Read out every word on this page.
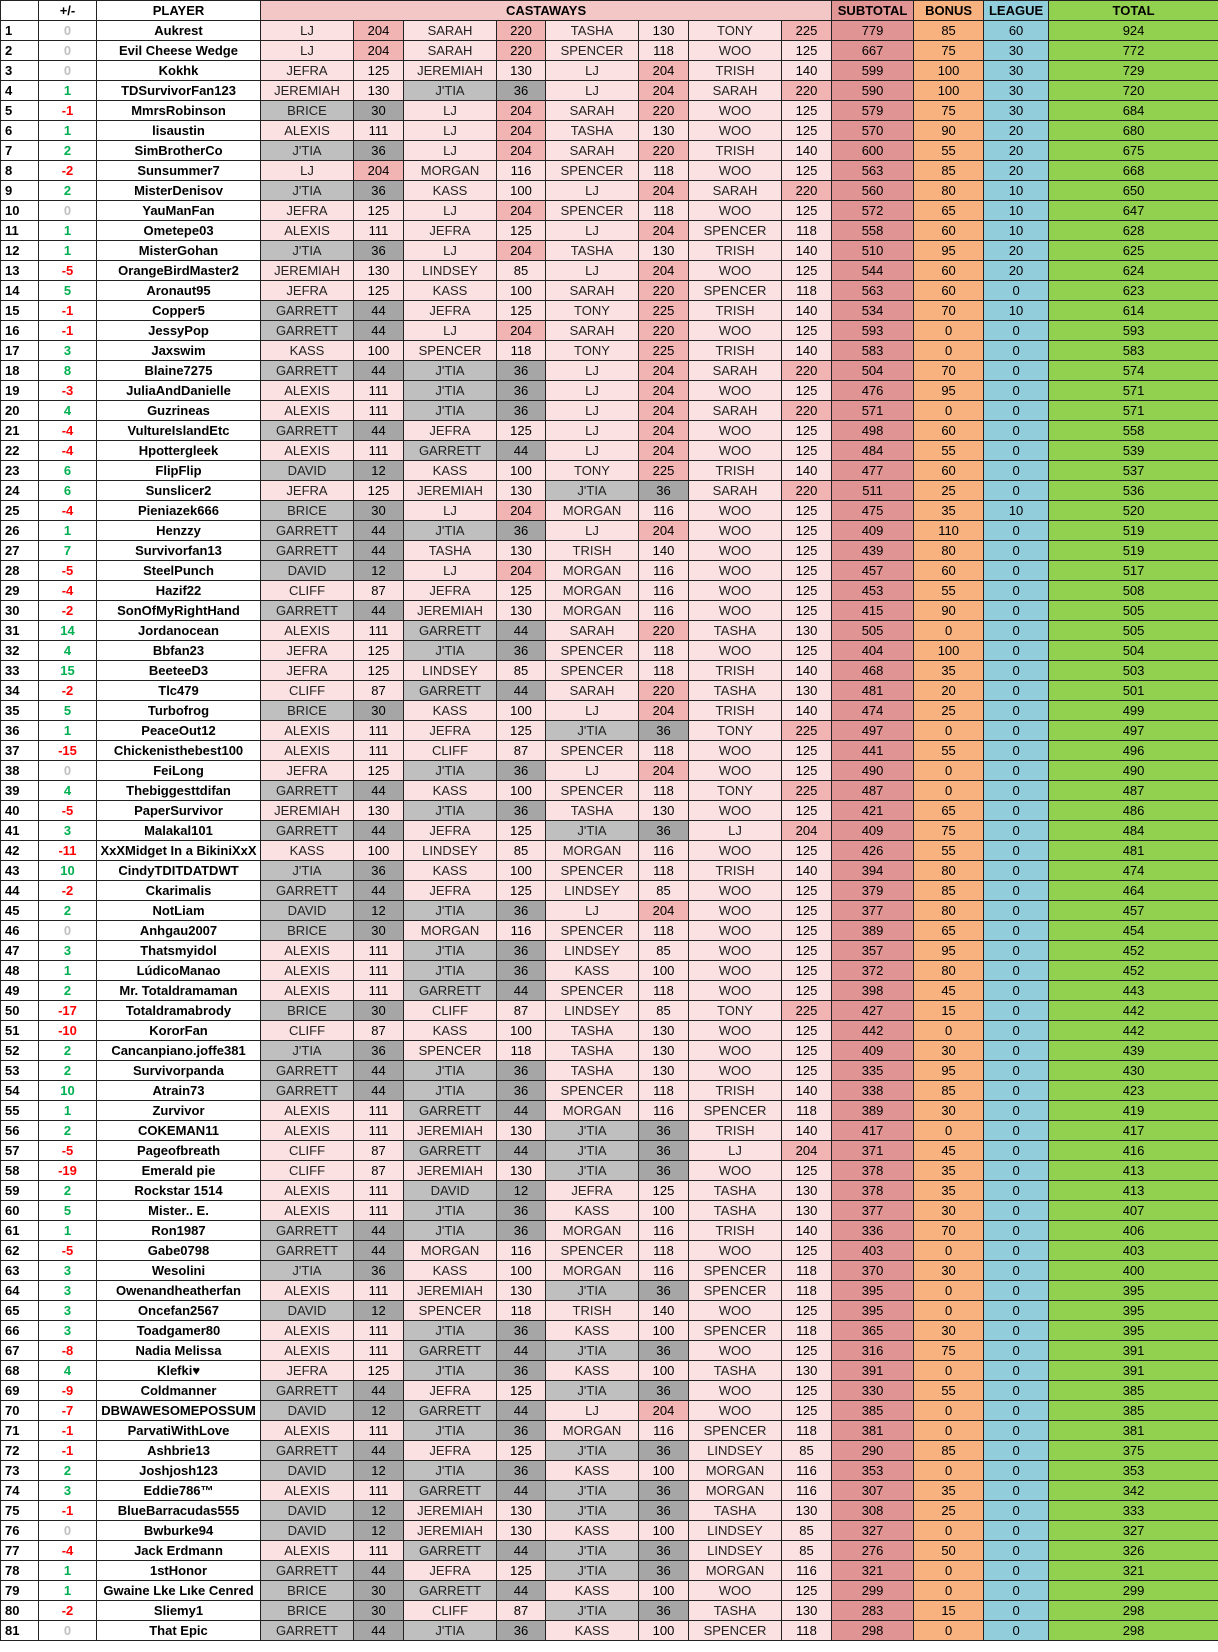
	+/-	PLAYER	CASTAWAYS								SUBTOTAL	BONUS	LEAGUE	TOTAL
1	0	Aukrest	LJ	204	SARAH	220	TASHA	130	TONY	225	779	85	60	924
2	0	Evil Cheese Wedge	LJ	204	SARAH	220	SPENCER	118	WOO	125	667	75	30	772
3	0	Kokhk	JEFRA	125	JEREMIAH	130	LJ	204	TRISH	140	599	100	30	729
4	1	TDSurvivorFan123	JEREMIAH	130	J'TIA	36	LJ	204	SARAH	220	590	100	30	720
5	-1	MmrsRobinson	BRICE	30	LJ	204	SARAH	220	WOO	125	579	75	30	684
6	1	lisaustin	ALEXIS	111	LJ	204	TASHA	130	WOO	125	570	90	20	680
7	2	SimBrotherCo	J'TIA	36	LJ	204	SARAH	220	TRISH	140	600	55	20	675
8	-2	Sunsummer7	LJ	204	MORGAN	116	SPENCER	118	WOO	125	563	85	20	668
9	2	MisterDenisov	J'TIA	36	KASS	100	LJ	204	SARAH	220	560	80	10	650
10	0	YauManFan	JEFRA	125	LJ	204	SPENCER	118	WOO	125	572	65	10	647
11	1	Ometepe03	ALEXIS	111	JEFRA	125	LJ	204	SPENCER	118	558	60	10	628
12	1	MisterGohan	J'TIA	36	LJ	204	TASHA	130	TRISH	140	510	95	20	625
13	-5	OrangeBirdMaster2	JEREMIAH	130	LINDSEY	85	LJ	204	WOO	125	544	60	20	624
14	5	Aronaut95	JEFRA	125	KASS	100	SARAH	220	SPENCER	118	563	60	0	623
15	-1	Copper5	GARRETT	44	JEFRA	125	TONY	225	TRISH	140	534	70	10	614
16	-1	JessyPop	GARRETT	44	LJ	204	SARAH	220	WOO	125	593	0	0	593
17	3	Jaxswim	KASS	100	SPENCER	118	TONY	225	TRISH	140	583	0	0	583
18	8	Blaine7275	GARRETT	44	J'TIA	36	LJ	204	SARAH	220	504	70	0	574
19	-3	JuliaAndDanielle	ALEXIS	111	J'TIA	36	LJ	204	WOO	125	476	95	0	571
20	4	Guzrineas	ALEXIS	111	J'TIA	36	LJ	204	SARAH	220	571	0	0	571
21	-4	VultureIslandEtc	GARRETT	44	JEFRA	125	LJ	204	WOO	125	498	60	0	558
22	-4	Hpottergleek	ALEXIS	111	GARRETT	44	LJ	204	WOO	125	484	55	0	539
23	6	FlipFlip	DAVID	12	KASS	100	TONY	225	TRISH	140	477	60	0	537
24	6	Sunslicer2	JEFRA	125	JEREMIAH	130	J'TIA	36	SARAH	220	511	25	0	536
25	-4	Pieniazek666	BRICE	30	LJ	204	MORGAN	116	WOO	125	475	35	10	520
26	1	Henzzy	GARRETT	44	J'TIA	36	LJ	204	WOO	125	409	110	0	519
27	7	Survivorfan13	GARRETT	44	TASHA	130	TRISH	140	WOO	125	439	80	0	519
28	-5	SteelPunch	DAVID	12	LJ	204	MORGAN	116	WOO	125	457	60	0	517
29	-4	Hazif22	CLIFF	87	JEFRA	125	MORGAN	116	WOO	125	453	55	0	508
30	-2	SonOfMyRightHand	GARRETT	44	JEREMIAH	130	MORGAN	116	WOO	125	415	90	0	505
31	14	Jordanocean	ALEXIS	111	GARRETT	44	SARAH	220	TASHA	130	505	0	0	505
32	4	Bbfan23	JEFRA	125	J'TIA	36	SPENCER	118	WOO	125	404	100	0	504
33	15	BeeteeD3	JEFRA	125	LINDSEY	85	SPENCER	118	TRISH	140	468	35	0	503
34	-2	Tlc479	CLIFF	87	GARRETT	44	SARAH	220	TASHA	130	481	20	0	501
35	5	Turbofrog	BRICE	30	KASS	100	LJ	204	TRISH	140	474	25	0	499
36	1	PeaceOut12	ALEXIS	111	JEFRA	125	J'TIA	36	TONY	225	497	0	0	497
37	-15	Chickenisthebest100	ALEXIS	111	CLIFF	87	SPENCER	118	WOO	125	441	55	0	496
38	0	FeiLong	JEFRA	125	J'TIA	36	LJ	204	WOO	125	490	0	0	490
39	4	Thebiggesttdifan	GARRETT	44	KASS	100	SPENCER	118	TONY	225	487	0	0	487
40	-5	PaperSurvivor	JEREMIAH	130	J'TIA	36	TASHA	130	WOO	125	421	65	0	486
41	3	Malakal101	GARRETT	44	JEFRA	125	J'TIA	36	LJ	204	409	75	0	484
42	-11	XxXMidget In a BikiniXxX	KASS	100	LINDSEY	85	MORGAN	116	WOO	125	426	55	0	481
43	10	CindyTDITDATDWT	J'TIA	36	KASS	100	SPENCER	118	TRISH	140	394	80	0	474
44	-2	Ckarimalis	GARRETT	44	JEFRA	125	LINDSEY	85	WOO	125	379	85	0	464
45	2	NotLiam	DAVID	12	J'TIA	36	LJ	204	WOO	125	377	80	0	457
46	0	Anhgau2007	BRICE	30	MORGAN	116	SPENCER	118	WOO	125	389	65	0	454
47	3	Thatsmyidol	ALEXIS	111	J'TIA	36	LINDSEY	85	WOO	125	357	95	0	452
48	1	LúdicoManao	ALEXIS	111	J'TIA	36	KASS	100	WOO	125	372	80	0	452
49	2	Mr. Totaldramaman	ALEXIS	111	GARRETT	44	SPENCER	118	WOO	125	398	45	0	443
50	-17	Totaldramabrody	BRICE	30	CLIFF	87	LINDSEY	85	TONY	225	427	15	0	442
51	-10	KororFan	CLIFF	87	KASS	100	TASHA	130	WOO	125	442	0	0	442
52	2	Cancanpiano.joffe381	J'TIA	36	SPENCER	118	TASHA	130	WOO	125	409	30	0	439
53	2	Survivorpanda	GARRETT	44	J'TIA	36	TASHA	130	WOO	125	335	95	0	430
54	10	Atrain73	GARRETT	44	J'TIA	36	SPENCER	118	TRISH	140	338	85	0	423
55	1	Zurvivor	ALEXIS	111	GARRETT	44	MORGAN	116	SPENCER	118	389	30	0	419
56	2	COKEMAN11	ALEXIS	111	JEREMIAH	130	J'TIA	36	TRISH	140	417	0	0	417
57	-5	Pageofbreath	CLIFF	87	GARRETT	44	J'TIA	36	LJ	204	371	45	0	416
58	-19	Emerald pie	CLIFF	87	JEREMIAH	130	J'TIA	36	WOO	125	378	35	0	413
59	2	Rockstar 1514	ALEXIS	111	DAVID	12	JEFRA	125	TASHA	130	378	35	0	413
60	5	Mister.. E.	ALEXIS	111	J'TIA	36	KASS	100	TASHA	130	377	30	0	407
61	1	Ron1987	GARRETT	44	J'TIA	36	MORGAN	116	TRISH	140	336	70	0	406
62	-5	Gabe0798	GARRETT	44	MORGAN	116	SPENCER	118	WOO	125	403	0	0	403
63	3	Wesolini	J'TIA	36	KASS	100	MORGAN	116	SPENCER	118	370	30	0	400
64	3	Owenandheatherfan	ALEXIS	111	JEREMIAH	130	J'TIA	36	SPENCER	118	395	0	0	395
65	3	Oncefan2567	DAVID	12	SPENCER	118	TRISH	140	WOO	125	395	0	0	395
66	3	Toadgamer80	ALEXIS	111	J'TIA	36	KASS	100	SPENCER	118	365	30	0	395
67	-8	Nadia Melissa	ALEXIS	111	GARRETT	44	J'TIA	36	WOO	125	316	75	0	391
68	4	Klefki♥	JEFRA	125	J'TIA	36	KASS	100	TASHA	130	391	0	0	391
69	-9	Coldmanner	GARRETT	44	JEFRA	125	J'TIA	36	WOO	125	330	55	0	385
70	-7	DBWAWESOMEPOSSUM	DAVID	12	GARRETT	44	LJ	204	WOO	125	385	0	0	385
71	-1	ParvatiWithLove	ALEXIS	111	J'TIA	36	MORGAN	116	SPENCER	118	381	0	0	381
72	-1	Ashbrie13	GARRETT	44	JEFRA	125	J'TIA	36	LINDSEY	85	290	85	0	375
73	2	Joshjosh123	DAVID	12	J'TIA	36	KASS	100	MORGAN	116	353	0	0	353
74	3	Eddie786™	ALEXIS	111	GARRETT	44	J'TIA	36	MORGAN	116	307	35	0	342
75	-1	BlueBarracudas555	DAVID	12	JEREMIAH	130	J'TIA	36	TASHA	130	308	25	0	333
76	0	Bwburke94	DAVID	12	JEREMIAH	130	KASS	100	LINDSEY	85	327	0	0	327
77	-4	Jack Erdmann	ALEXIS	111	GARRETT	44	J'TIA	36	LINDSEY	85	276	50	0	326
78	1	1stHonor	GARRETT	44	JEFRA	125	J'TIA	36	MORGAN	116	321	0	0	321
79	1	Gwaine Lke Lıke Cenred	BRICE	30	GARRETT	44	KASS	100	WOO	125	299	0	0	299
80	-2	Sliemy1	BRICE	30	CLIFF	87	J'TIA	36	TASHA	130	283	15	0	298
81	0	That Epic	GARRETT	44	J'TIA	36	KASS	100	SPENCER	118	298	0	0	298
